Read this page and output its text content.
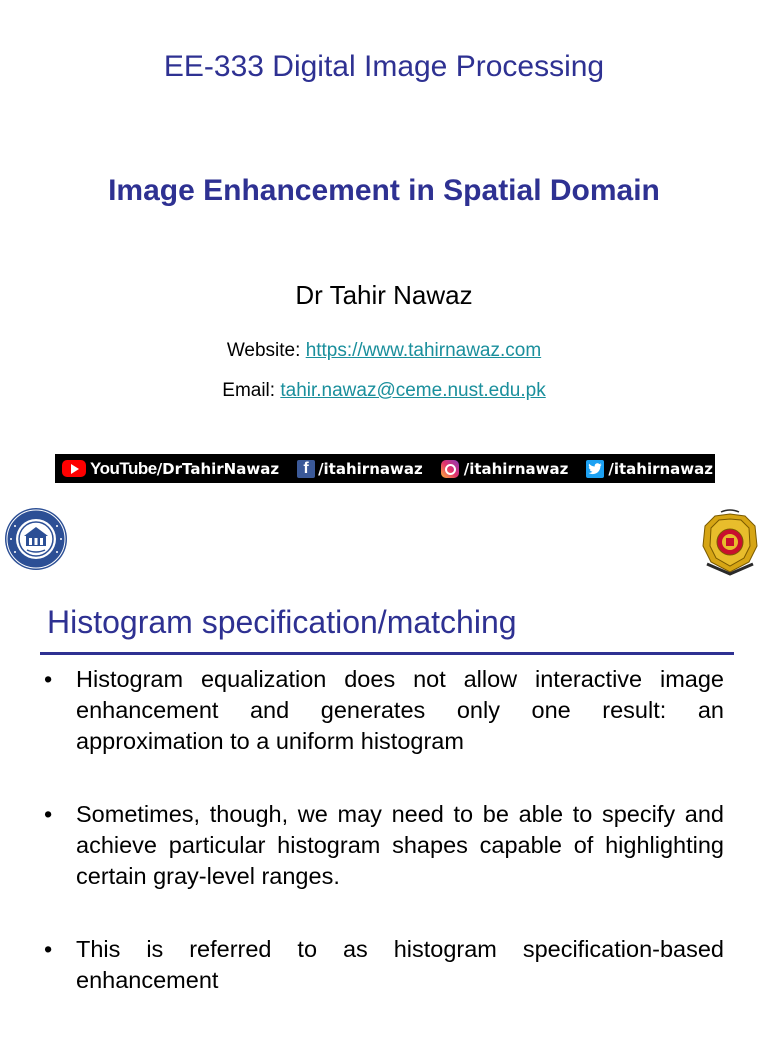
EE-333 Digital Image Processing
Image Enhancement in Spatial Domain
Dr Tahir Nawaz
Website: https://www.tahirnawaz.com
Email: tahir.nawaz@ceme.nust.edu.pk
YouTube /DrTahirNawaz	f /itahirnawaz	/itahirnawaz	/itahirnawaz
Histogram specification/matching
• Histogram equalization does not allow interactive image enhancement and generates only one result: an approximation to a uniform histogram
• Sometimes, though, we may need to be able to specify and achieve particular histogram shapes capable of highlighting certain gray-level ranges.
• This is referred to as histogram specification-based enhancement
